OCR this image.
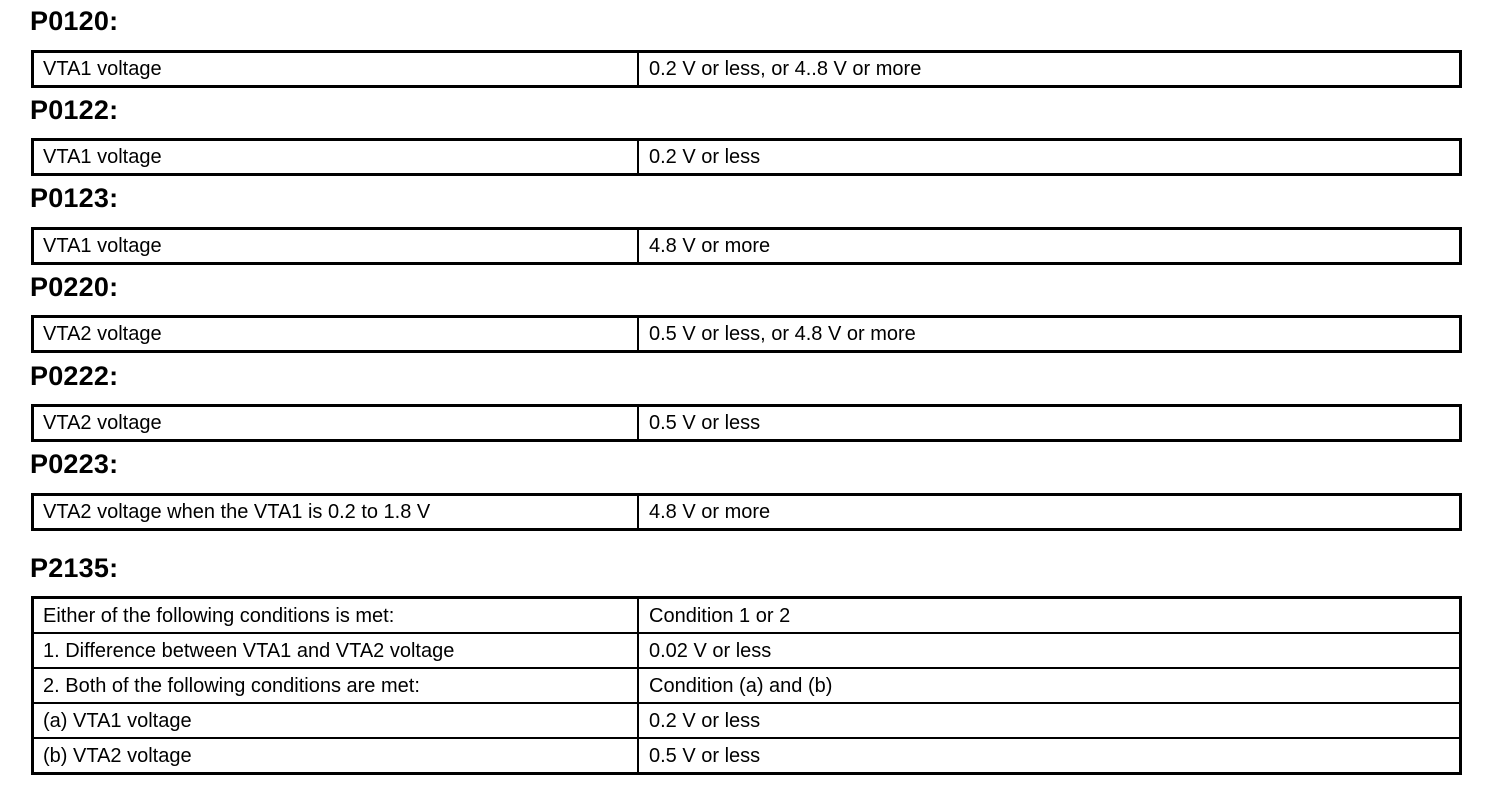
P0120:
VTA1 voltage	0.2 V or less, or 4..8 V or more
P0122:
VTA1 voltage	0.2 V or less
P0123:
VTA1 voltage	4.8 V or more
P0220:
VTA2 voltage	0.5 V or less, or 4.8 V or more
P0222:
VTA2 voltage	0.5 V or less
P0223:
VTA2 voltage when the VTA1 is 0.2 to 1.8 V	4.8 V or more
P2135:
Either of the following conditions is met:	Condition 1 or 2
1. Difference between VTA1 and VTA2 voltage	0.02 V or less
2. Both of the following conditions are met:	Condition (a) and (b)
(a) VTA1 voltage	0.2 V or less
(b) VTA2 voltage	0.5 V or less
